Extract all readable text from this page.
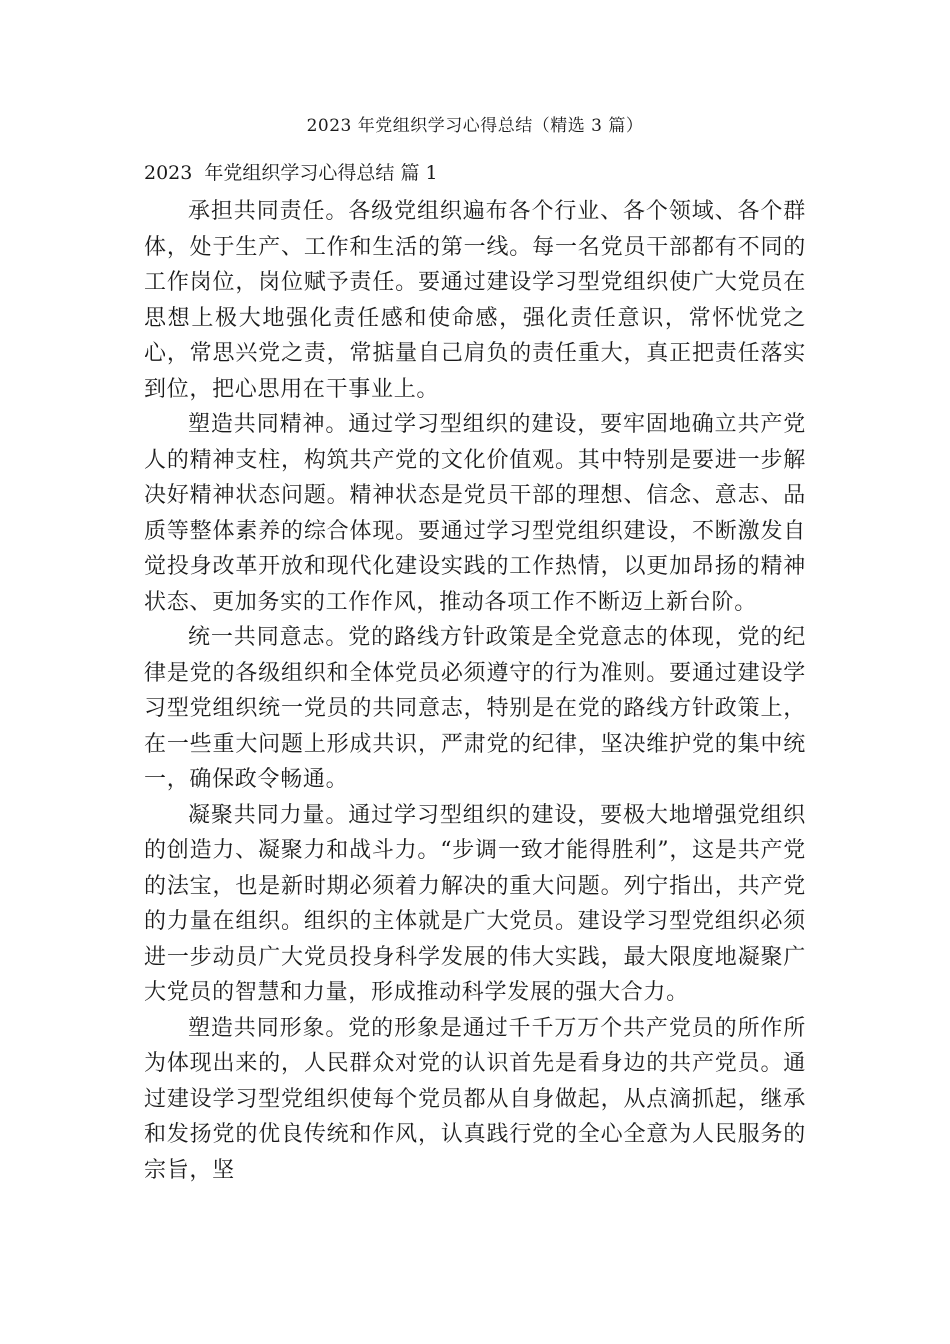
2023 年党组织学习心得总结（精选 3 篇）
2023  年党组织学习心得总结 篇 1

承担共同责任。各级党组织遍布各个行业、各个领域、各个群体，处于生产、工作和生活的第一线。每一名党员干部都有不同的工作岗位，岗位赋予责任。要通过建设学习型党组织使广大党员在思想上极大地强化责任感和使命感，强化责任意识，常怀忧党之心，常思兴党之责，常掂量自己肩负的责任重大，真正把责任落实到位，把心思用在干事业上。

塑造共同精神。通过学习型组织的建设，要牢固地确立共产党人的精神支柱，构筑共产党的文化价值观。其中特别是要进一步解决好精神状态问题。精神状态是党员干部的理想、信念、意志、品质等整体素养的综合体现。要通过学习型党组织建设，不断激发自觉投身改革开放和现代化建设实践的工作热情，以更加昂扬的精神状态、更加务实的工作作风，推动各项工作不断迈上新台阶。

统一共同意志。党的路线方针政策是全党意志的体现，党的纪律是党的各级组织和全体党员必须遵守的行为准则。要通过建设学习型党组织统一党员的共同意志，特别是在党的路线方针政策上，在一些重大问题上形成共识，严肃党的纪律，坚决维护党的集中统一，确保政令畅通。

凝聚共同力量。通过学习型组织的建设，要极大地增强党组织的创造力、凝聚力和战斗力。“步调一致才能得胜利”，这是共产党的法宝，也是新时期必须着力解决的重大问题。列宁指出，共产党的力量在组织。组织的主体就是广大党员。建设学习型党组织必须进一步动员广大党员投身科学发展的伟大实践，最大限度地凝聚广大党员的智慧和力量，形成推动科学发展的强大合力。

塑造共同形象。党的形象是通过千千万万个共产党员的所作所为体现出来的，人民群众对党的认识首先是看身边的共产党员。通过建设学习型党组织使每个党员都从自身做起，从点滴抓起，继承和发扬党的优良传统和作风，认真践行党的全心全意为人民服务的宗旨，坚
